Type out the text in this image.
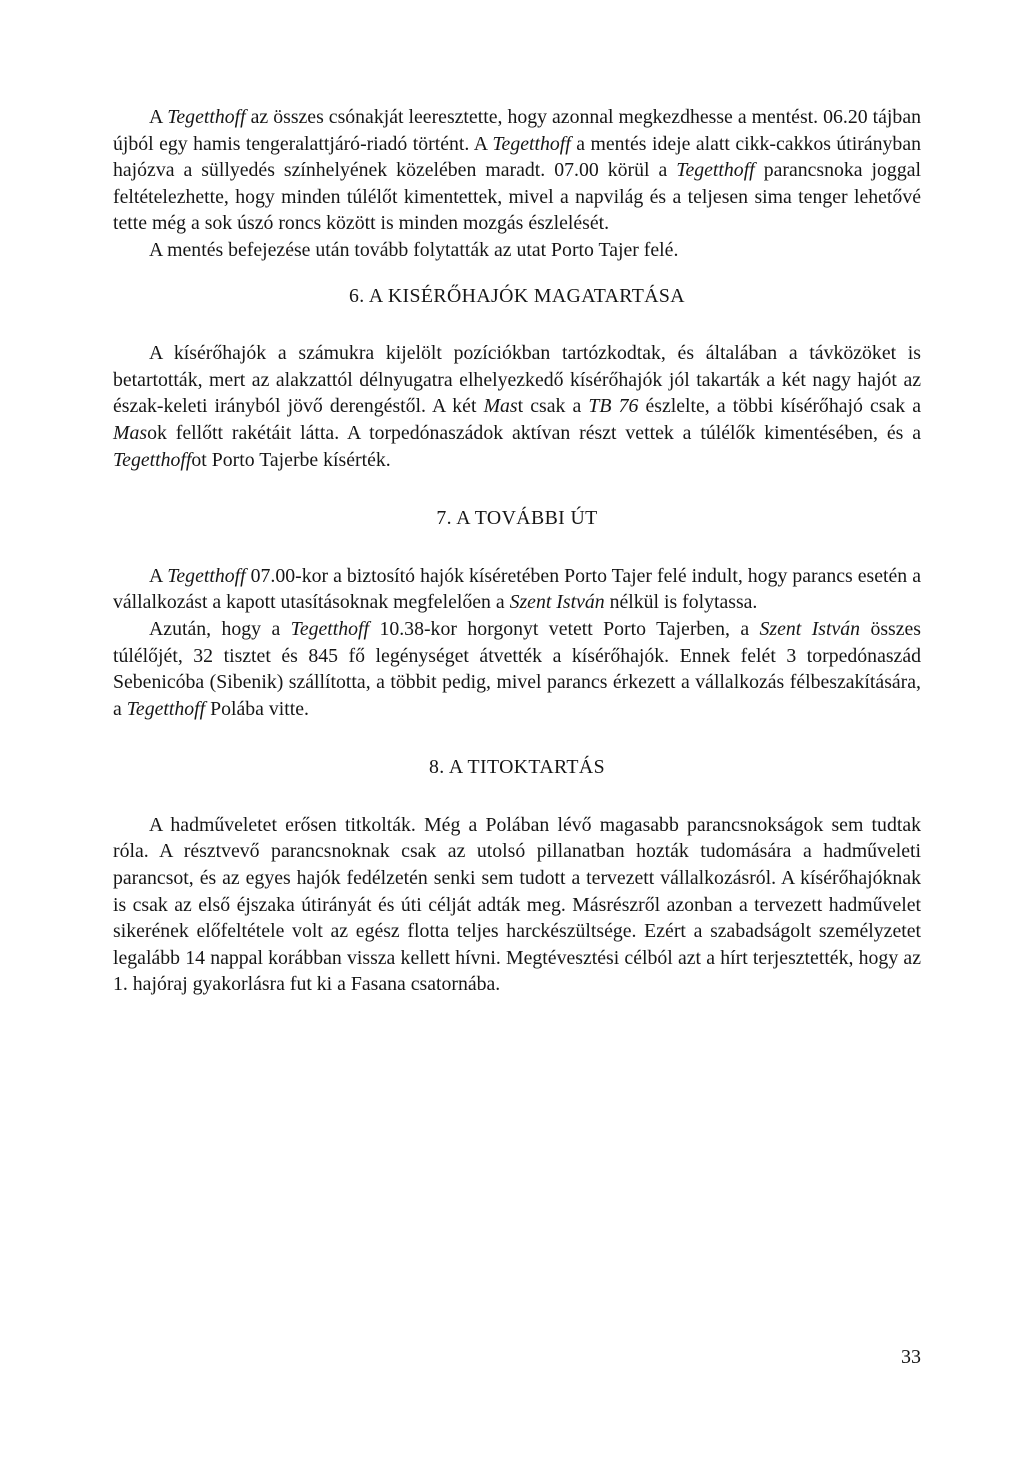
A Tegetthoff az összes csónakját leeresztette, hogy azonnal megkezdhesse a mentést. 06.20 tájban újból egy hamis tengeralattjáró-riadó történt. A Tegetthoff a mentés ideje alatt cikk-cakkos útirányban hajózva a süllyedés színhelyének közelében maradt. 07.00 körül a Tegetthoff parancsnoka joggal feltételezhette, hogy minden túlélőt kimentettek, mivel a napvilág és a teljesen sima tenger lehetővé tette még a sok úszó roncs között is minden mozgás észlelését.

A mentés befejezése után tovább folytatták az utat Porto Tajer felé.

6. A KISÉRŐHAJÓK MAGATARTÁSA

A kísérőhajók a számukra kijelölt pozíciókban tartózkodtak, és általában a távközöket is betartották, mert az alakzattól délnyugatra elhelyezkedő kísérőhajók jól takarták a két nagy hajót az észak-keleti irányból jövő derengéstől. A két Mast csak a TB 76 észlelte, a többi kísérőhajó csak a Masok fellőtt rakétáit látta. A torpedónaszádok aktívan részt vettek a túlélők kimentésében, és a Tegetthoffot Porto Tajerbe kísérték.

7. A TOVÁBBI ÚT

A Tegetthoff 07.00-kor a biztosító hajók kíséretében Porto Tajer felé indult, hogy parancs esetén a vállalkozást a kapott utasításoknak megfelelően a Szent István nélkül is folytassa.

Azután, hogy a Tegetthoff 10.38-kor horgonyt vetett Porto Tajerben, a Szent István összes túlélőjét, 32 tisztet és 845 fő legénységet átvették a kísérőhajók. Ennek felét 3 torpedónaszád Sebenicóba (Sibenik) szállította, a többit pedig, mivel parancs érkezett a vállalkozás félbeszakítására, a Tegetthoff Polába vitte.

8. A TITOKTARTÁS

A hadműveletet erősen titkolták. Még a Polában lévő magasabb parancsnokságok sem tudtak róla. A résztvevő parancsnoknak csak az utolsó pillanatban hozták tudomására a hadműveleti parancsot, és az egyes hajók fedélzetén senki sem tudott a tervezett vállalkozásról. A kísérőhajóknak is csak az első éjszaka útirányát és úti célját adták meg. Másrészről azonban a tervezett hadművelet sikerének előfeltétele volt az egész flotta teljes harckészültsége. Ezért a szabadságolt személyzetet legalább 14 nappal korábban vissza kellett hívni. Megtévesztési célból azt a hírt terjesztették, hogy az 1. hajóraj gyakorlásra fut ki a Fasana csatornába.

33
